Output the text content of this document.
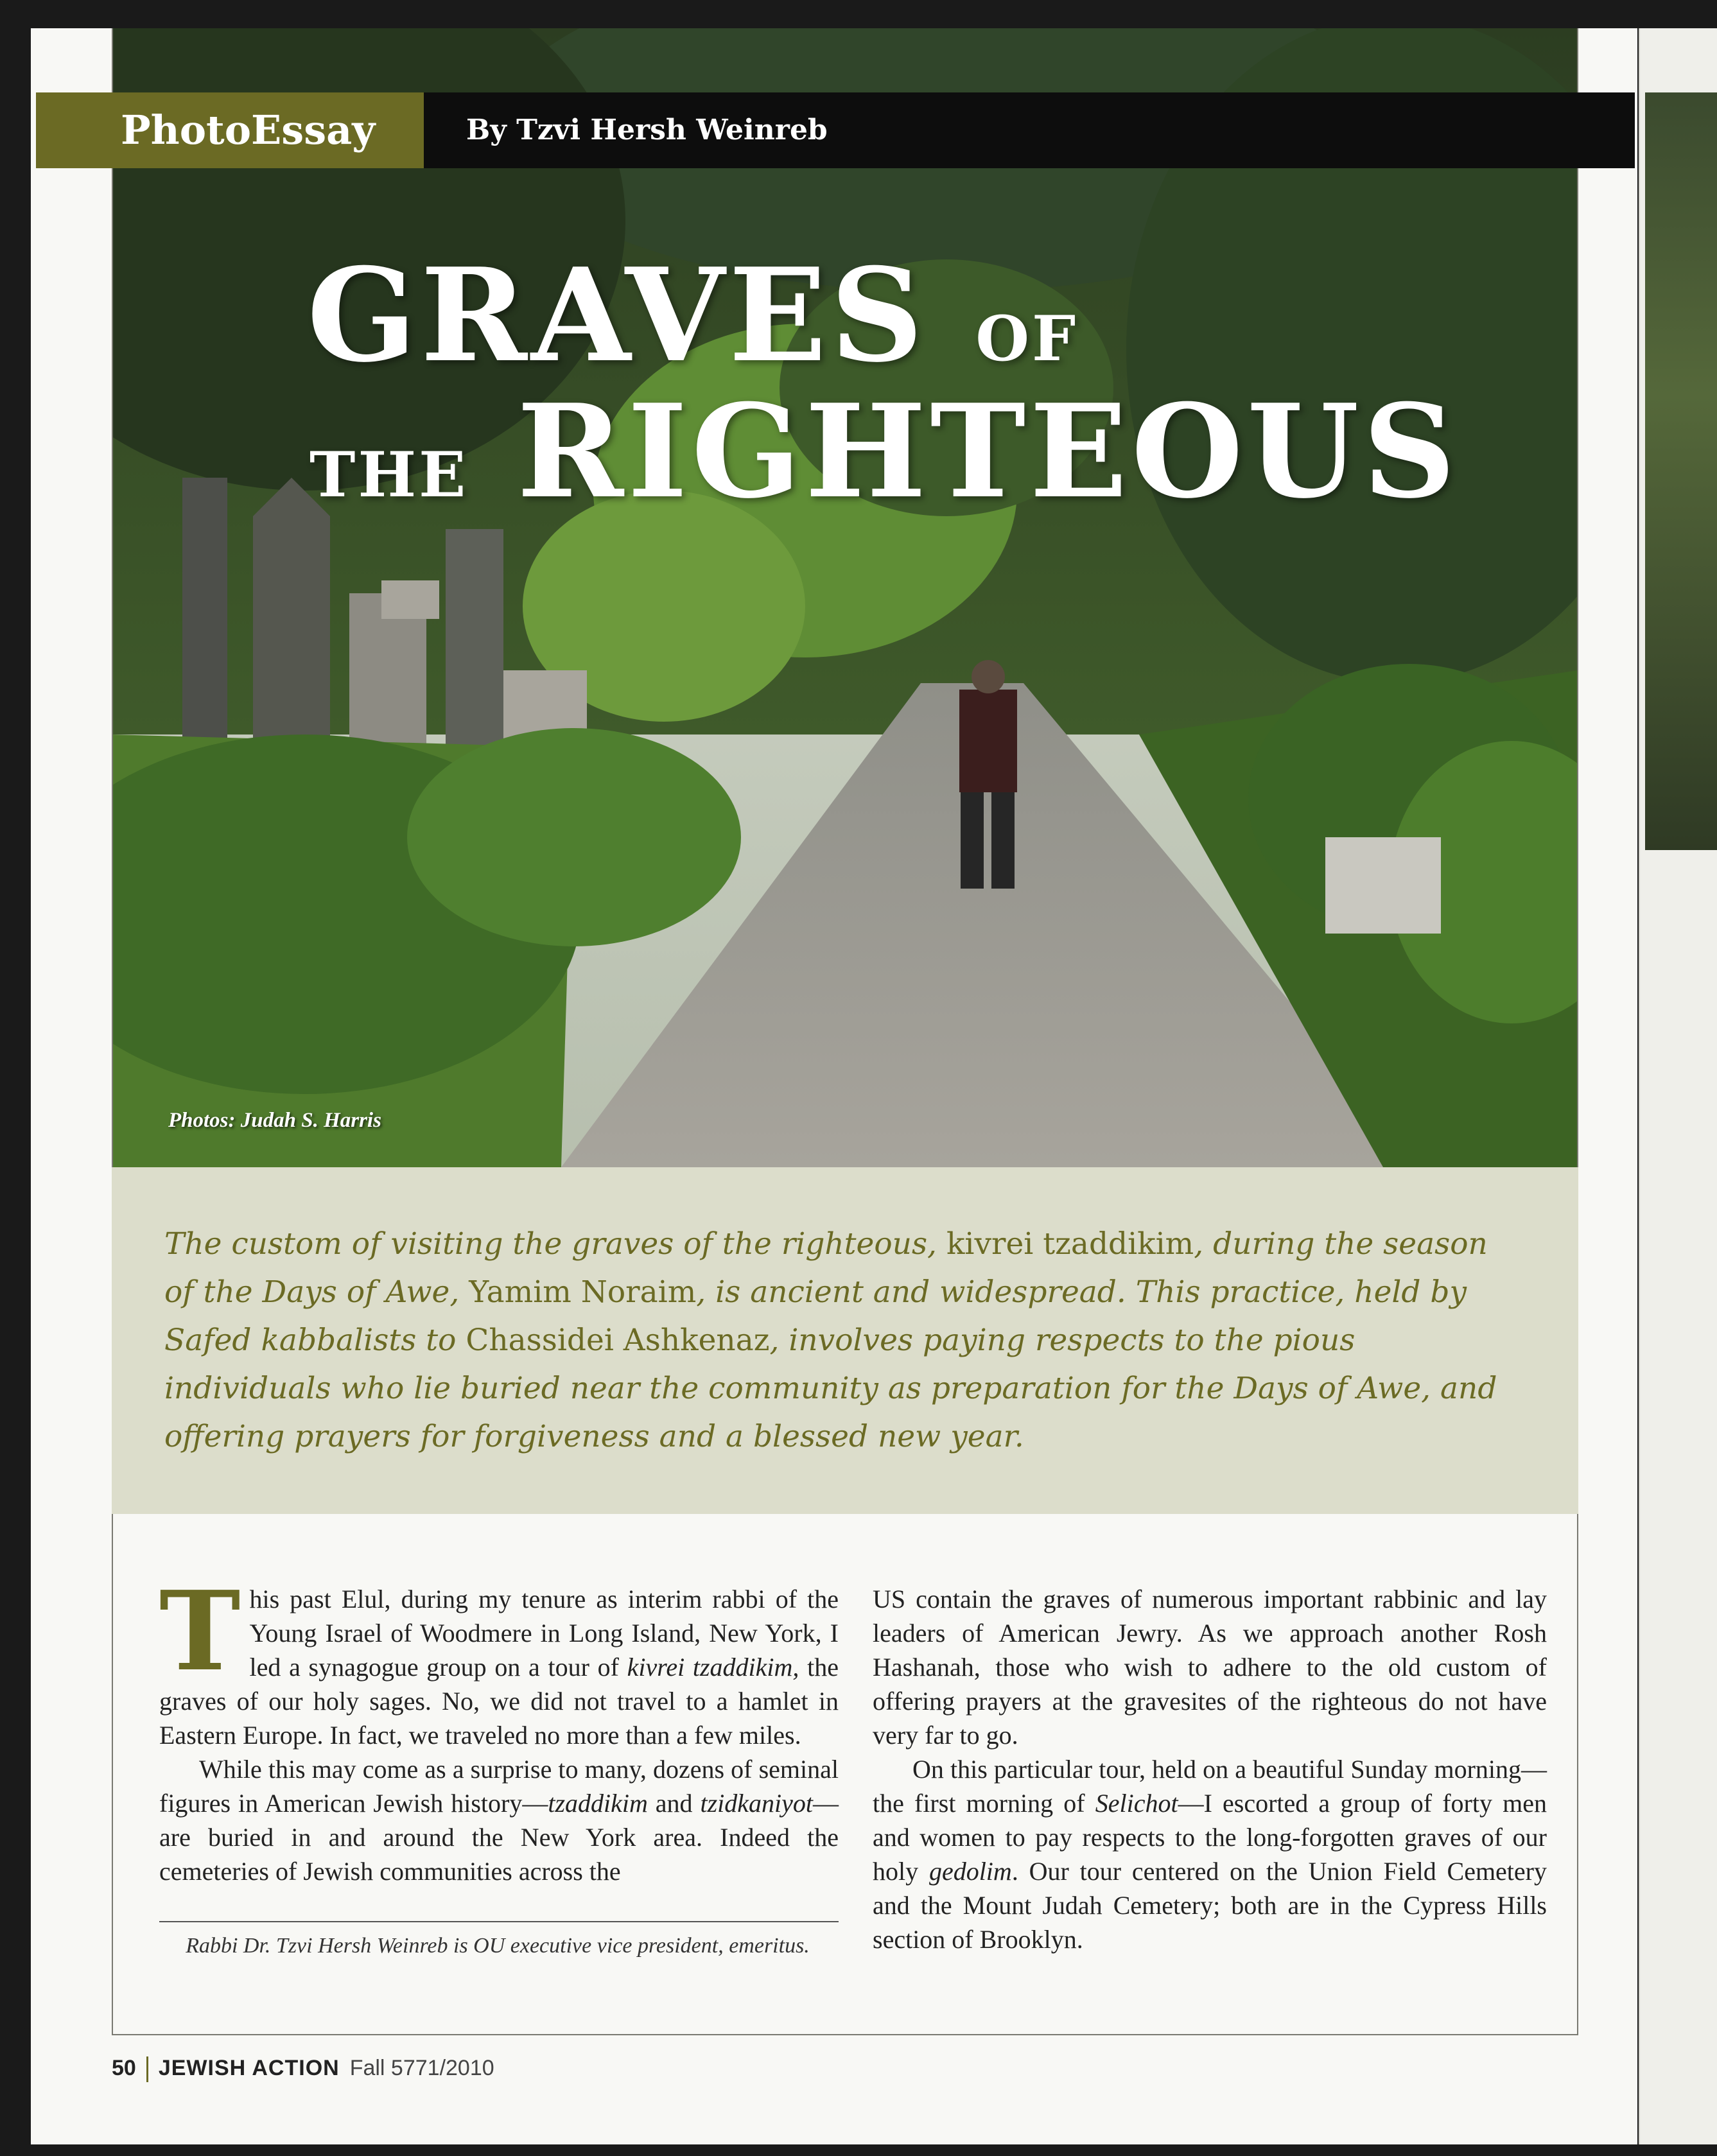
PhotoEssay	By Tzvi Hersh Weinreb
GRAVES OF
THE RIGHTEOUS
Photos: Judah S. Harris

The custom of visiting the graves of the righteous, kivrei tzaddikim, during the season of the Days of Awe, Yamim Noraim, is ancient and widespread. This practice, held by Safed kabbalists to Chassidei Ashkenaz, involves paying respects to the pious individuals who lie buried near the community as preparation for the Days of Awe, and offering prayers for forgiveness and a blessed new year.

This past Elul, during my tenure as interim rabbi of the Young Israel of Woodmere in Long Island, New York, I led a synagogue group on a tour of kivrei tzaddikim, the graves of our holy sages. No, we did not travel to a hamlet in Eastern Europe. In fact, we traveled no more than a few miles.

While this may come as a surprise to many, dozens of seminal figures in American Jewish history—tzaddikim and tzidkaniyot—are buried in and around the New York area. Indeed the cemeteries of Jewish communities across the

US contain the graves of numerous important rabbinic and lay leaders of American Jewry. As we approach another Rosh Hashanah, those who wish to adhere to the old custom of offering prayers at the gravesites of the righteous do not have very far to go.

On this particular tour, held on a beautiful Sunday morning—the first morning of Selichot—I escorted a group of forty men and women to pay respects to the long-forgotten graves of our holy gedolim. Our tour centered on the Union Field Cemetery and the Mount Judah Cemetery; both are in the Cypress Hills section of Brooklyn.

Rabbi Dr. Tzvi Hersh Weinreb is OU executive vice president, emeritus.
50 JEWISH ACTION Fall 5771/2010
